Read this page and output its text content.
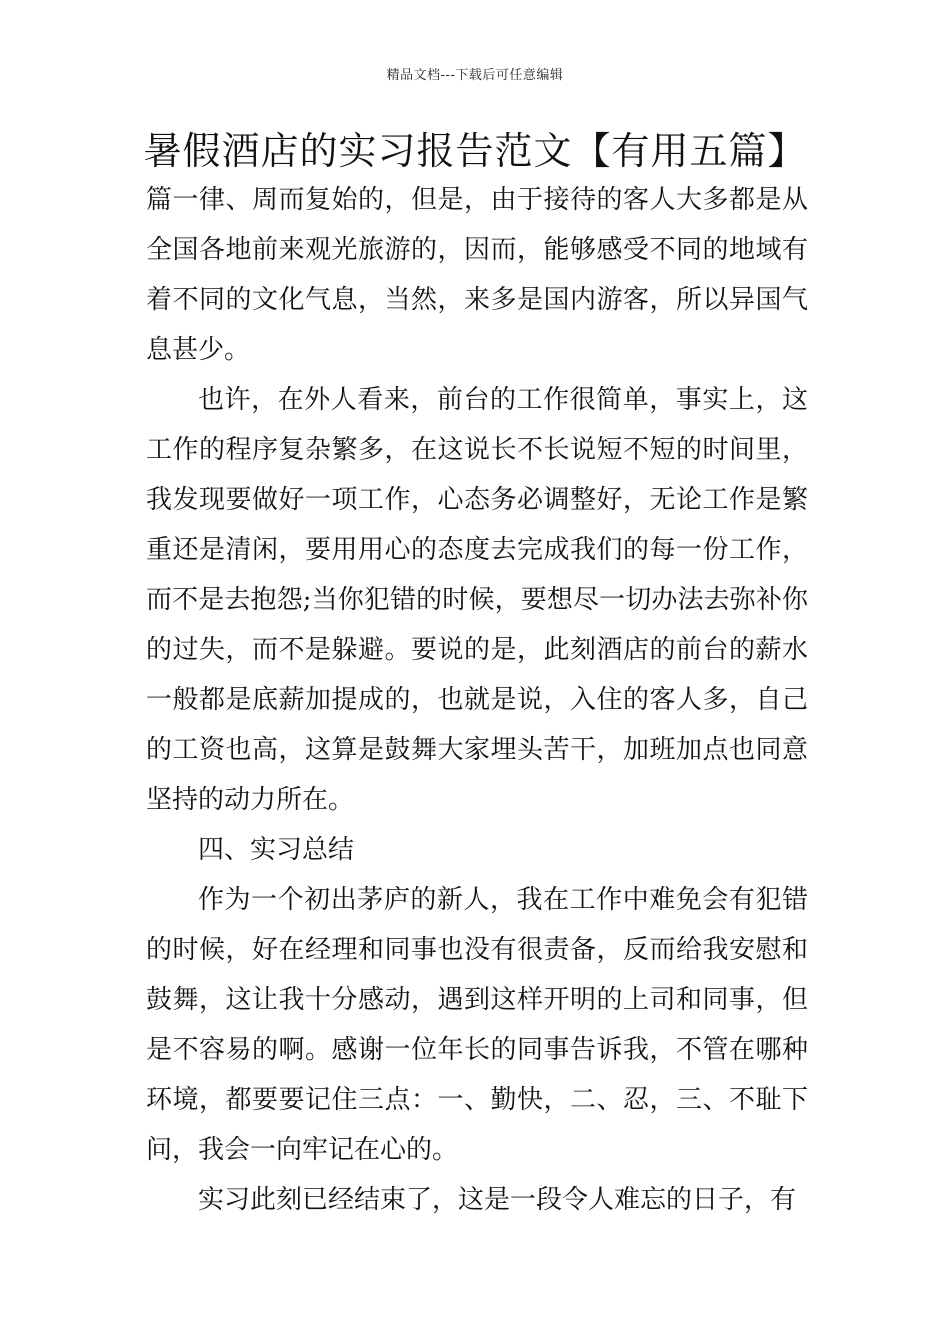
精品文档---下载后可任意编辑
暑假酒店的实习报告范文【有用五篇】

篇一律、周而复始的，但是，由于接待的客人大多都是从全国各地前来观光旅游的，因而，能够感受不同的地域有着不同的文化气息，当然，来多是国内游客，所以异国气息甚少。

也许，在外人看来，前台的工作很简单，事实上，这工作的程序复杂繁多，在这说长不长说短不短的时间里，我发现要做好一项工作，心态务必调整好，无论工作是繁重还是清闲，要用用心的态度去完成我们的每一份工作，而不是去抱怨;当你犯错的时候，要想尽一切办法去弥补你的过失，而不是躲避。要说的是，此刻酒店的前台的薪水一般都是底薪加提成的，也就是说，入住的客人多，自己的工资也高，这算是鼓舞大家埋头苦干，加班加点也同意坚持的动力所在。

四、实习总结

作为一个初出茅庐的新人，我在工作中难免会有犯错的时候，好在经理和同事也没有很责备，反而给我安慰和鼓舞，这让我十分感动，遇到这样开明的上司和同事，但是不容易的啊。感谢一位年长的同事告诉我，不管在哪种环境，都要要记住三点：一、勤快，二、忍，三、不耻下问，我会一向牢记在心的。

实习此刻已经结束了，这是一段令人难忘的日子，有
